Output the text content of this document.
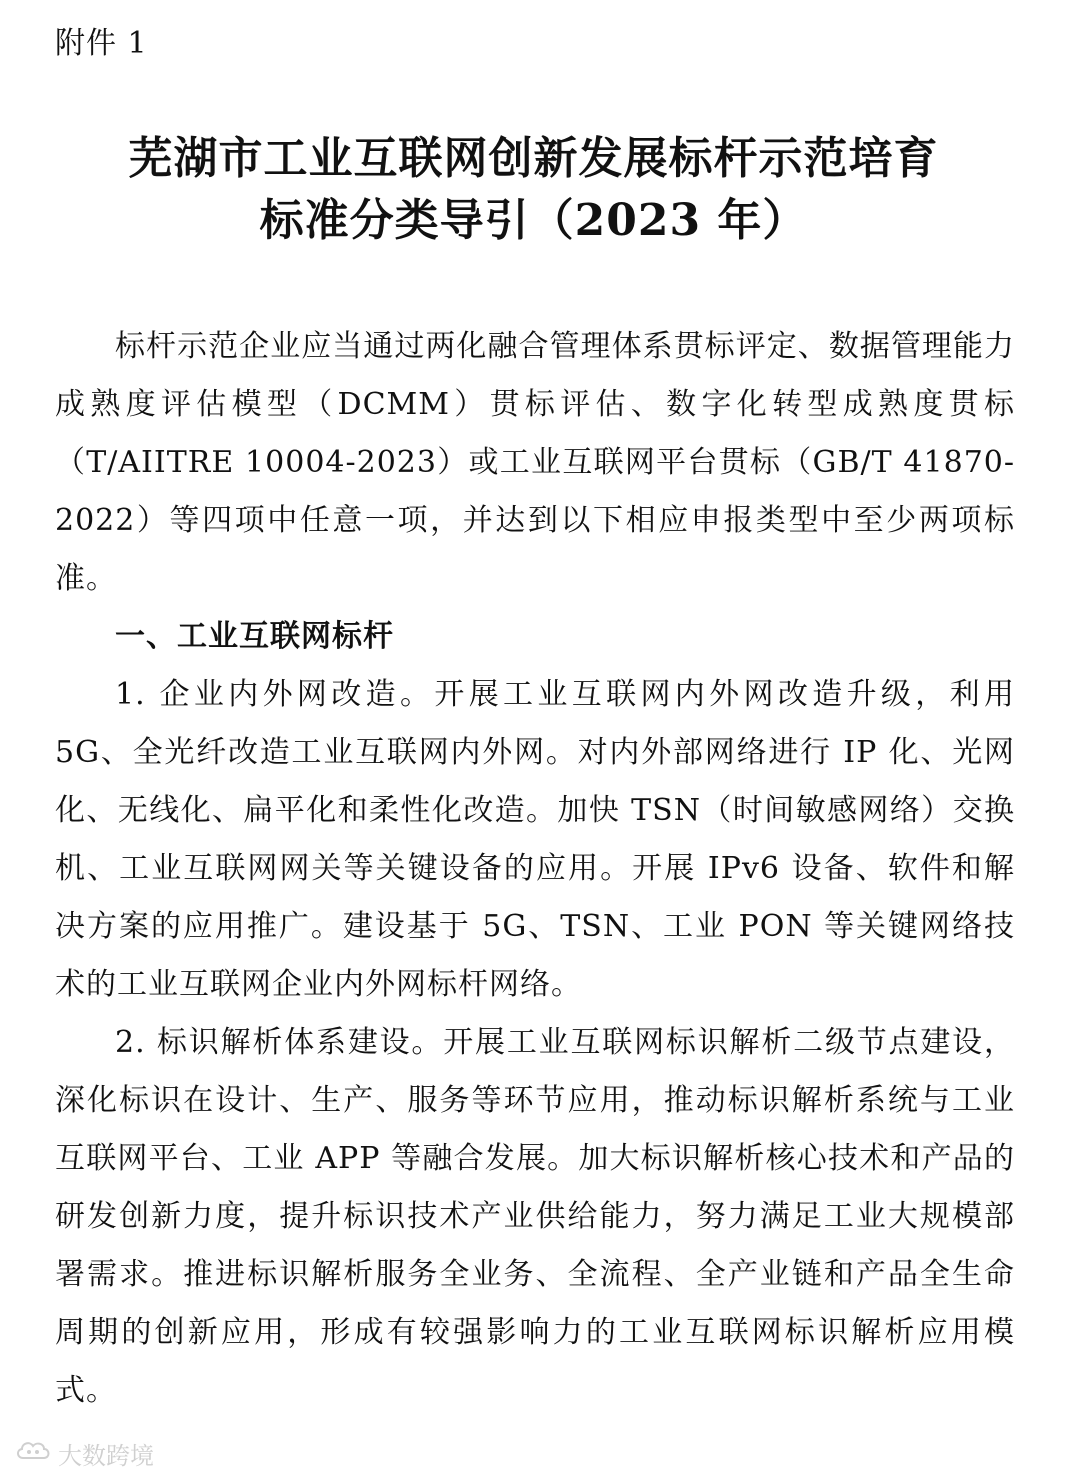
附件 1
芜湖市工业互联网创新发展标杆示范培育
标准分类导引（2023 年）

标杆示范企业应当通过两化融合管理体系贯标评定、数据管理能力成熟度评估模型（DCMM）贯标评估、数字化转型成熟度贯标（T/AIITRE 10004-2023）或工业互联网平台贯标（GB/T 41870-2022）等四项中任意一项，并达到以下相应申报类型中至少两项标准。

一、工业互联网标杆

1. 企业内外网改造。开展工业互联网内外网改造升级，利用 5G、全光纤改造工业互联网内外网。对内外部网络进行 IP 化、光网化、无线化、扁平化和柔性化改造。加快 TSN（时间敏感网络）交换机、工业互联网网关等关键设备的应用。开展 IPv6 设备、软件和解决方案的应用推广。建设基于 5G、TSN、工业 PON 等关键网络技术的工业互联网企业内外网标杆网络。

2. 标识解析体系建设。开展工业互联网标识解析二级节点建设，深化标识在设计、生产、服务等环节应用，推动标识解析系统与工业互联网平台、工业 APP 等融合发展。加大标识解析核心技术和产品的研发创新力度，提升标识技术产业供给能力，努力满足工业大规模部署需求。推进标识解析服务全业务、全流程、全产业链和产品全生命周期的创新应用，形成有较强影响力的工业互联网标识解析应用模式。

大数跨境
